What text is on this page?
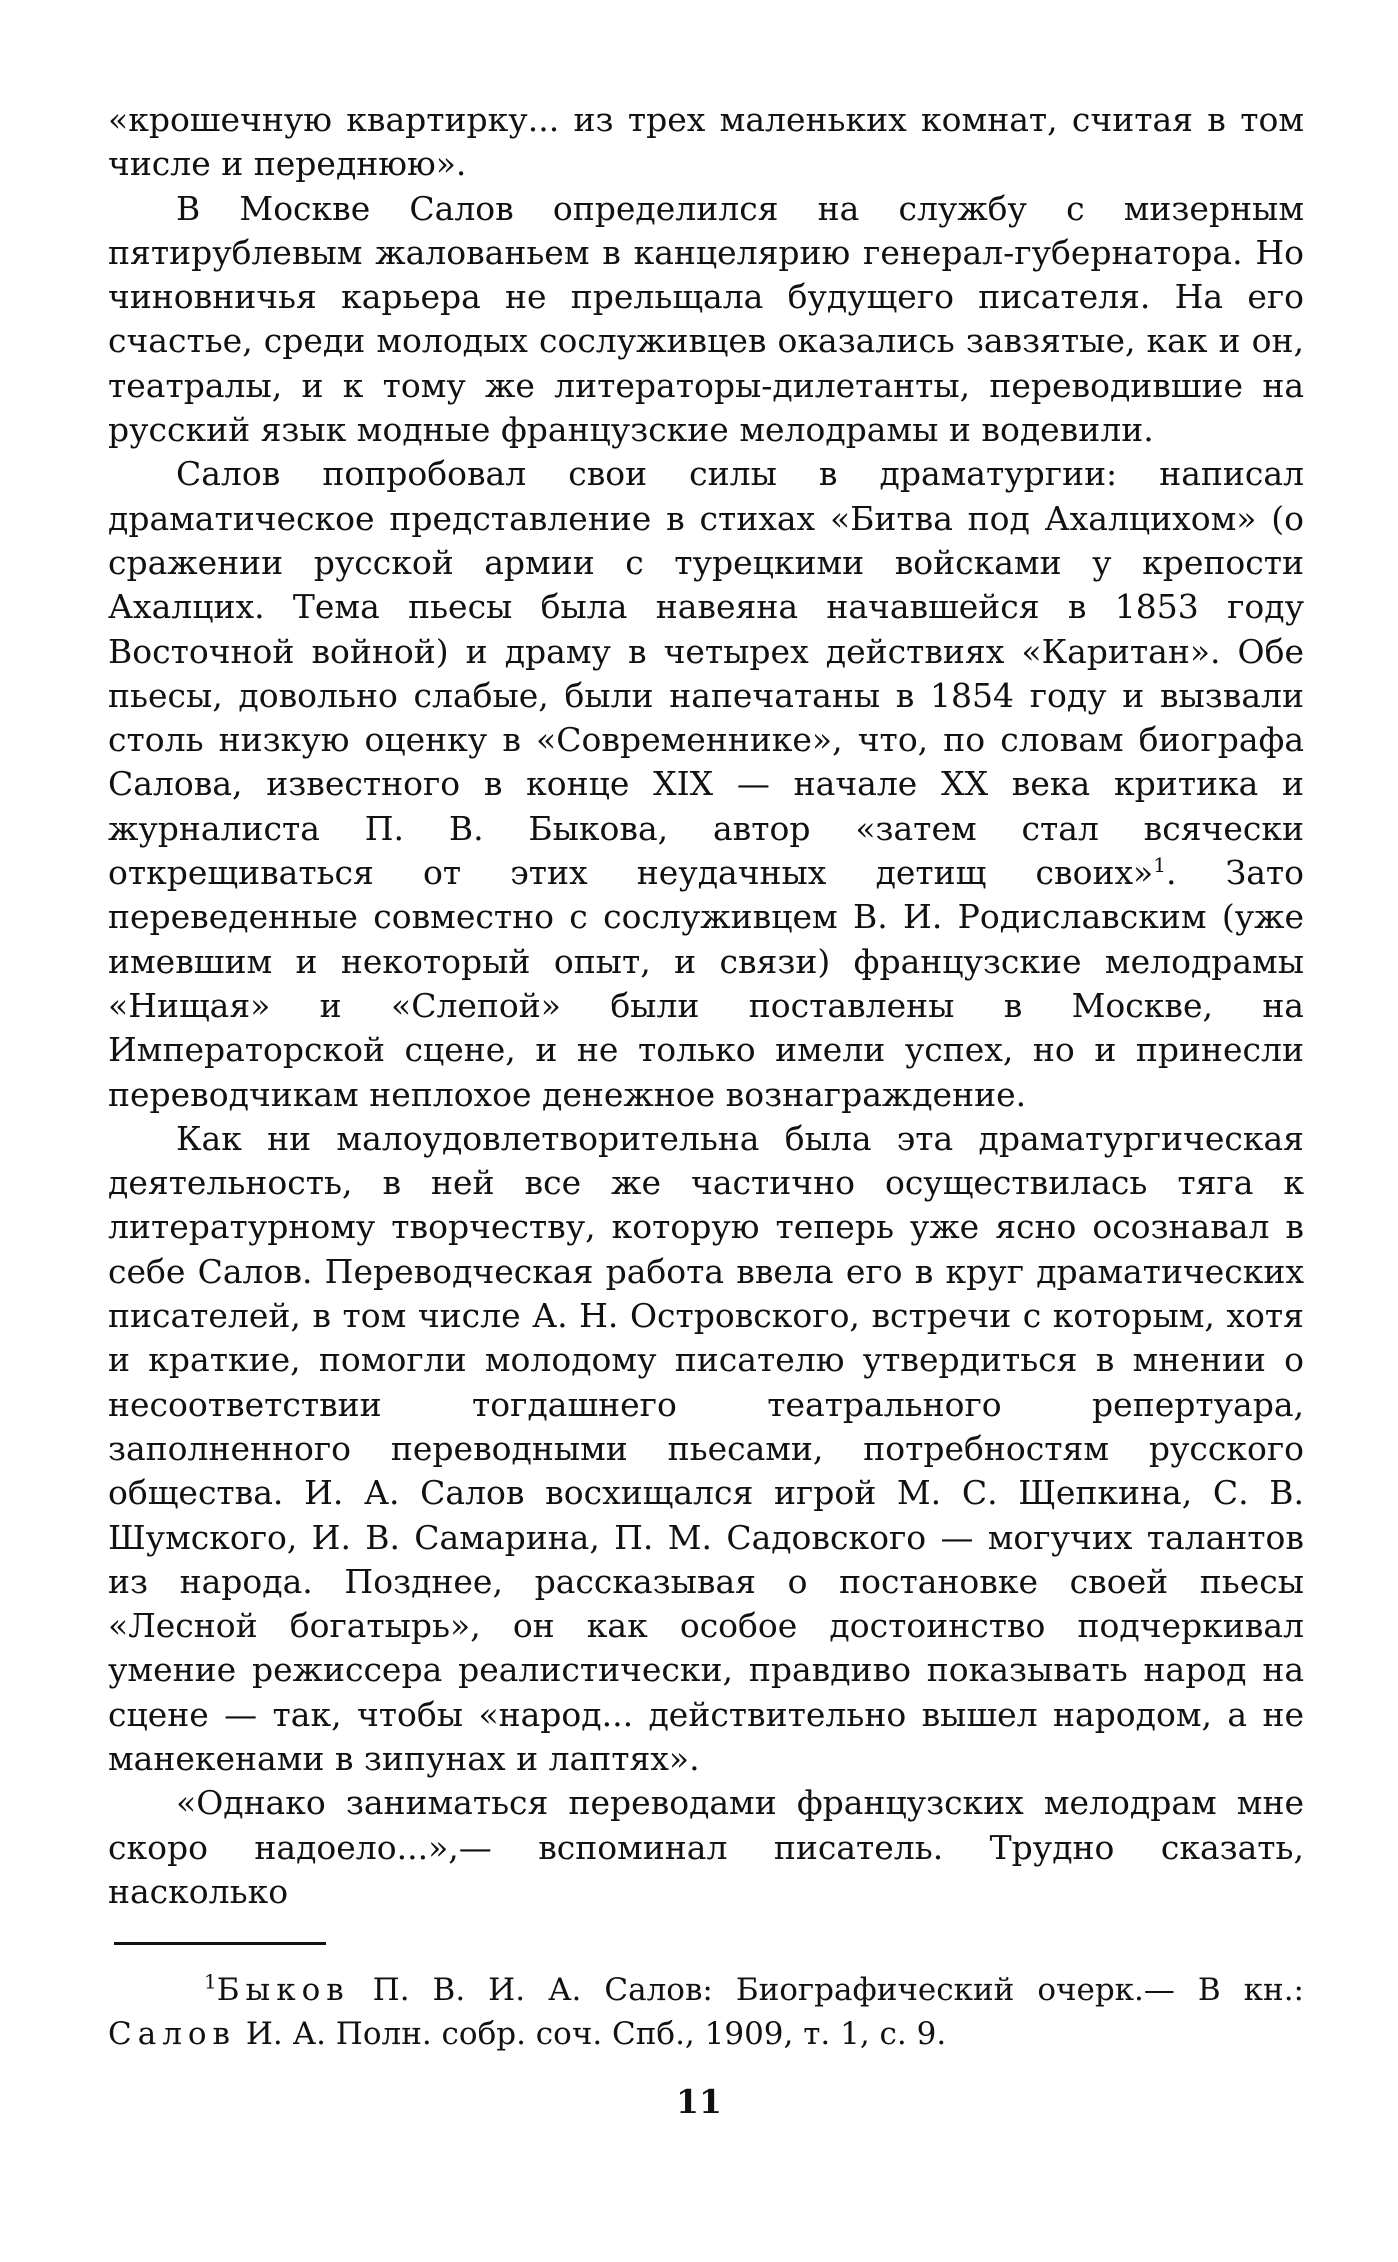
«крошечную квартирку... из трех маленьких комнат, считая в том числе и переднюю».

В Москве Салов определился на службу с мизерным пятирублевым жалованьем в канцелярию генерал-губернатора. Но чиновничья карьера не прельщала будущего писателя. На его счастье, среди молодых сослуживцев оказались завзятые, как и он, театралы, и к тому же литераторы-дилетанты, переводившие на русский язык модные французские мелодрамы и водевили.

Салов попробовал свои силы в драматургии: написал драматическое представление в стихах «Битва под Ахалцихом» (о сражении русской армии с турецкими войсками у крепости Ахалцих. Тема пьесы была навеяна начавшейся в 1853 году Восточной войной) и драму в четырех действиях «Каритан». Обе пьесы, довольно слабые, были напечатаны в 1854 году и вызвали столь низкую оценку в «Современнике», что, по словам биографа Салова, известного в конце XIX — начале XX века критика и журналиста П. В. Быкова, автор «затем стал всячески открещиваться от этих неудачных детищ своих»$^1$. Зато переведенные совместно с сослуживцем В. И. Родиславским (уже имевшим и некоторый опыт, и связи) французские мелодрамы «Нищая» и «Слепой» были поставлены в Москве, на Императорской сцене, и не только имели успех, но и принесли переводчикам неплохое денежное вознаграждение.

Как ни малоудовлетворительна была эта драматургическая деятельность, в ней все же частично осуществилась тяга к литературному творчеству, которую теперь уже ясно осознавал в себе Салов. Переводческая работа ввела его в круг драматических писателей, в том числе А. Н. Островского, встречи с которым, хотя и краткие, помогли молодому писателю утвердиться в мнении о несоответствии тогдашнего театрального репертуара, заполненного переводными пьесами, потребностям русского общества. И. А. Салов восхищался игрой М. С. Щепкина, С. В. Шумского, И. В. Самарина, П. М. Садовского — могучих талантов из народа. Позднее, рассказывая о постановке своей пьесы «Лесной богатырь», он как особое достоинство подчеркивал умение режиссера реалистически, правдиво показывать народ на сцене — так, чтобы «народ... действительно вышел народом, а не манекенами в зипунах и лаптях».

«Однако заниматься переводами французских мелодрам мне скоро надоело...»,— вспоминал писатель. Трудно сказать, насколько

$^1$Быков П. В. И. А. Салов: Биографический очерк.— В кн.: Салов И. А. Полн. собр. соч. Спб., 1909, т. 1, с. 9.

11
